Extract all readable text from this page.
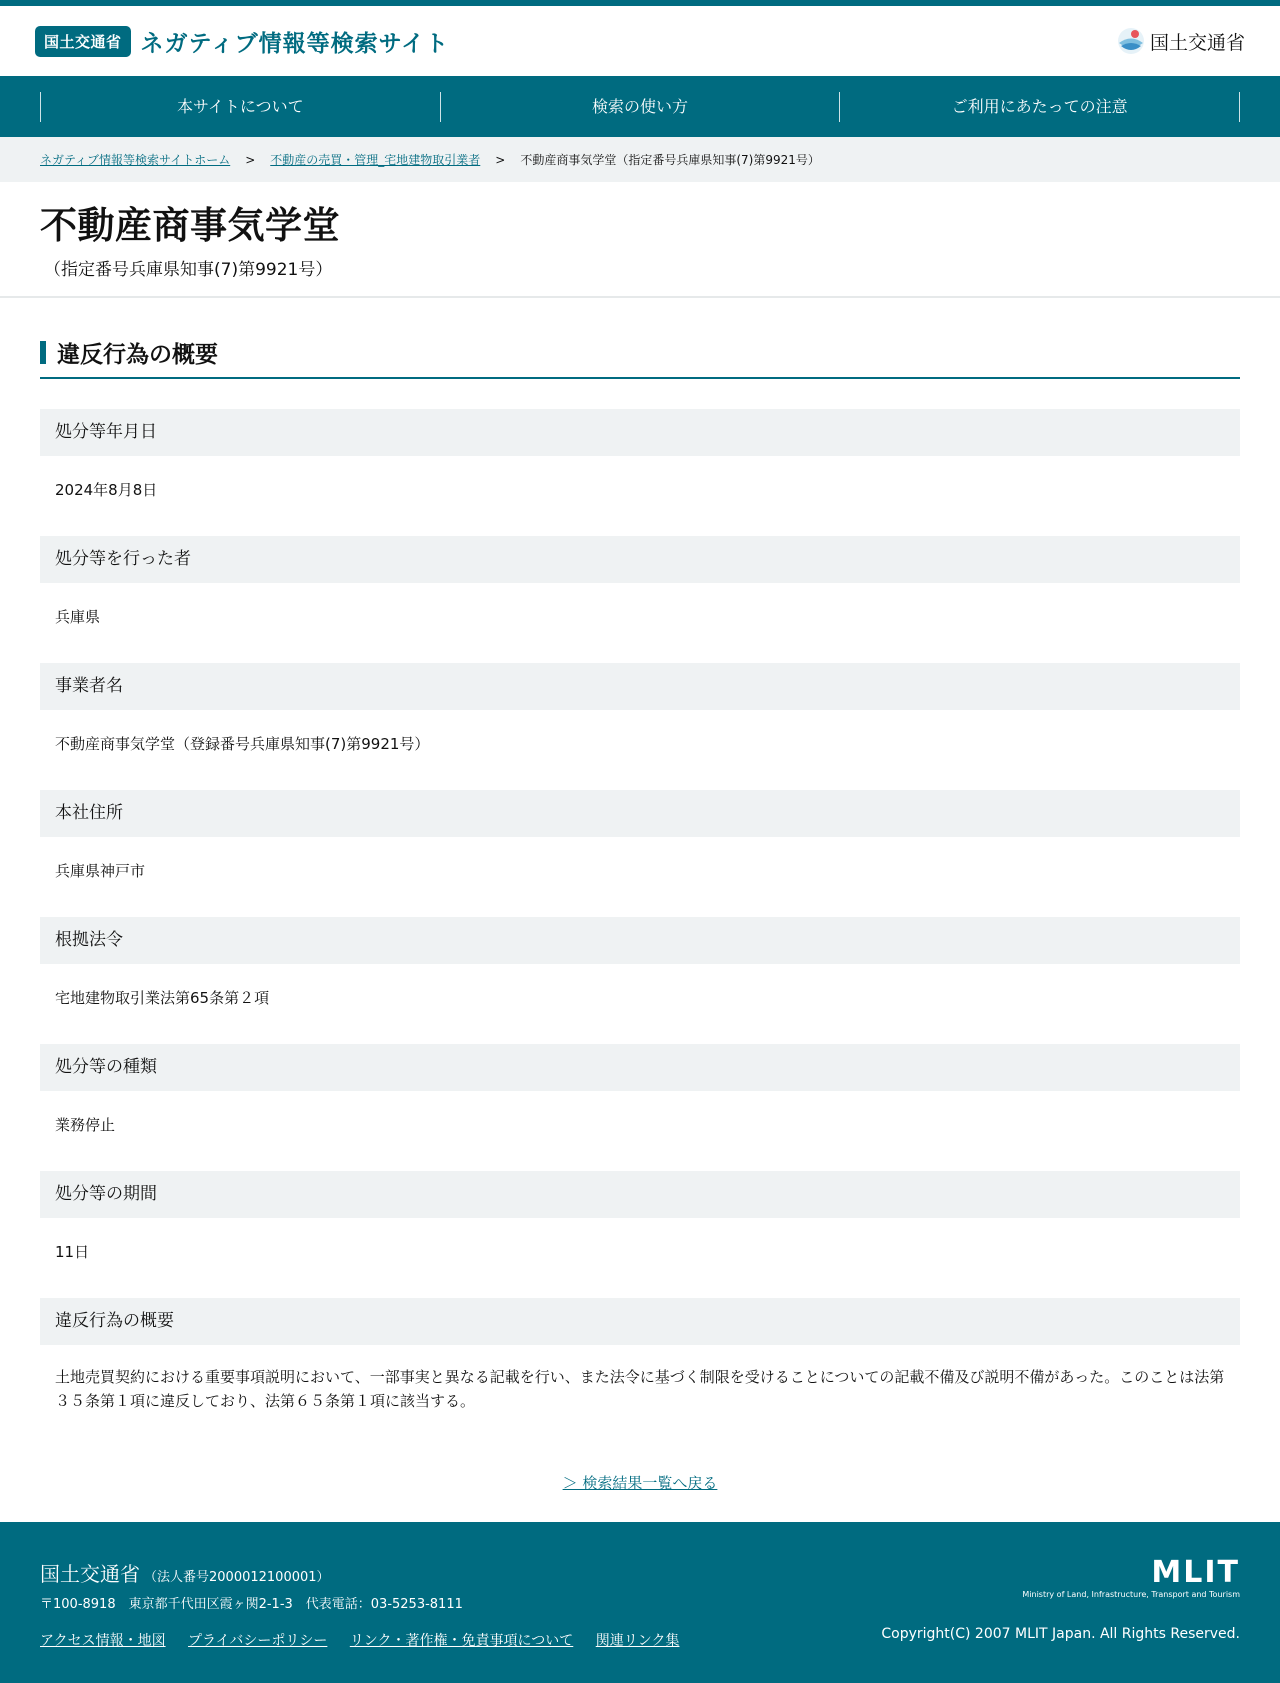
国土交通省 ネガティブ情報等検索サイト	国土交通省
本サイトについて	検索の使い方	ご利用にあたっての注意
ネガティブ情報等検索サイトホーム > 不動産の売買・管理_宅地建物取引業者 > 不動産商事気学堂（指定番号兵庫県知事(7)第9921号）
不動産商事気学堂
（指定番号兵庫県知事(7)第9921号）
違反行為の概要
処分等年月日
2024年8月8日
処分等を行った者
兵庫県
事業者名
不動産商事気学堂（登録番号兵庫県知事(7)第9921号）
本社住所
兵庫県神戸市
根拠法令
宅地建物取引業法第65条第２項
処分等の種類
業務停止
処分等の期間
11日
違反行為の概要
土地売買契約における重要事項説明において、一部事実と異なる記載を行い、また法令に基づく制限を受けることについての記載不備及び説明不備があった。このことは法第３５条第１項に違反しており、法第６５条第１項に該当する。
＞ 検索結果一覧へ戻る
国土交通省 （法人番号2000012100001）
〒100-8918　東京都千代田区霞ヶ関2-1-3　代表電話：03-5253-8111
アクセス情報・地図 プライバシーポリシー リンク・著作権・免責事項について 関連リンク集
MLIT
Ministry of Land, Infrastructure, Transport and Tourism
Copyright(C) 2007 MLIT Japan. All Rights Reserved.
